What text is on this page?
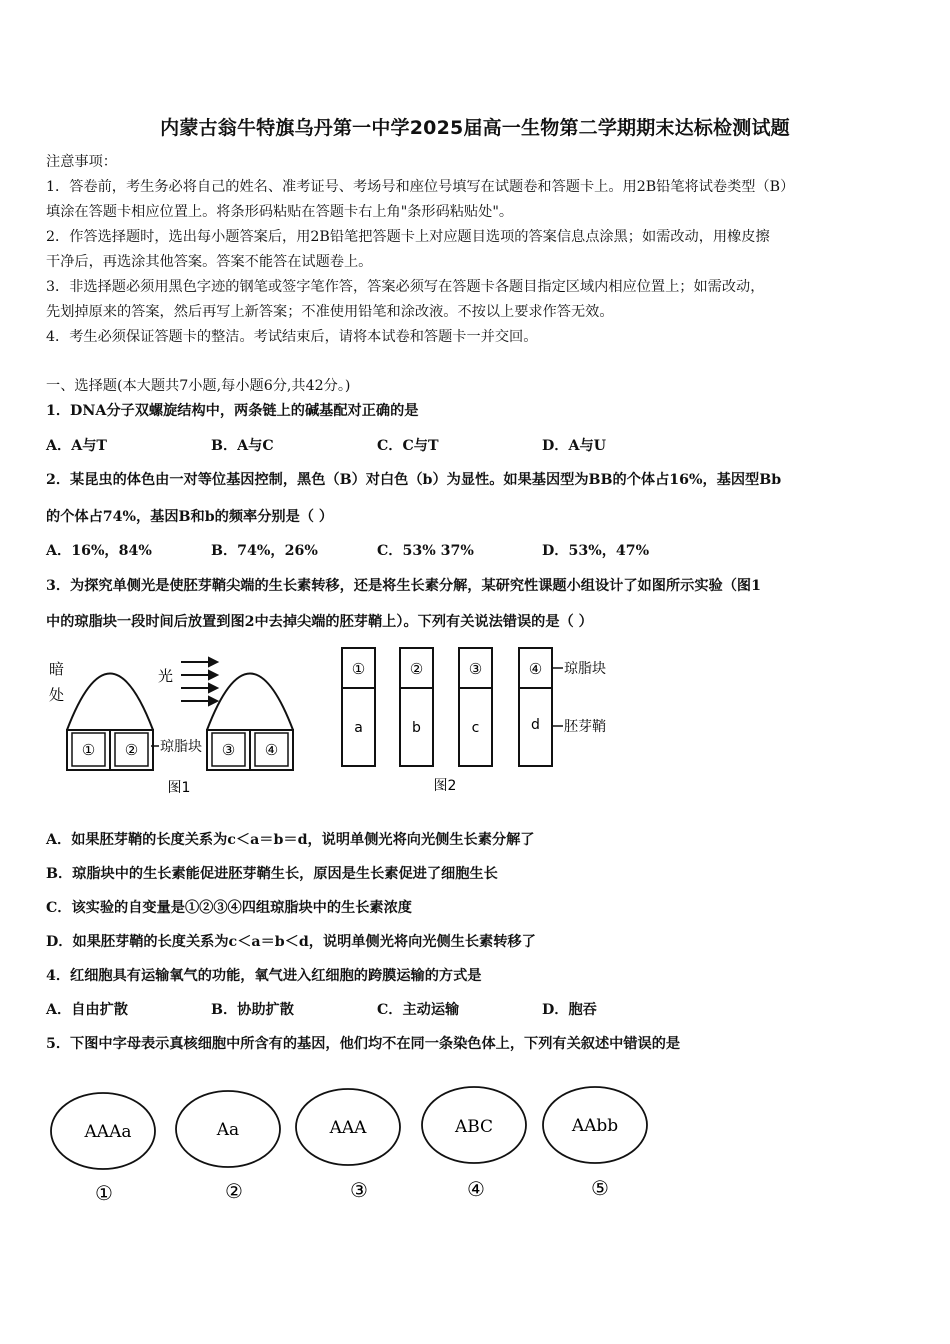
内蒙古翁牛特旗乌丹第一中学2025届高一生物第二学期期末达标检测试题
注意事项：
1．答卷前，考生务必将自己的姓名、准考证号、考场号和座位号填写在试题卷和答题卡上。用2B铅笔将试卷类型（B）
填涂在答题卡相应位置上。将条形码粘贴在答题卡右上角"条形码粘贴处"。
2．作答选择题时，选出每小题答案后，用2B铅笔把答题卡上对应题目选项的答案信息点涂黑；如需改动，用橡皮擦
干净后，再选涂其他答案。答案不能答在试题卷上。
3．非选择题必须用黑色字迹的钢笔或签字笔作答，答案必须写在答题卡各题目指定区域内相应位置上；如需改动，
先划掉原来的答案，然后再写上新答案；不准使用铅笔和涂改液。不按以上要求作答无效。
4．考生必须保证答题卡的整洁。考试结束后，请将本试卷和答题卡一并交回。
一、选择题(本大题共7小题,每小题6分,共42分。)
1．DNA分子双螺旋结构中，两条链上的碱基配对正确的是
A．A与T	B．A与C	C．C与T	D．A与U
2．某昆虫的体色由一对等位基因控制，黑色（B）对白色（b）为显性。如果基因型为BB的个体占16%，基因型Bb
的个体占74%，基因B和b的频率分别是（ ）
A．16%，84%	B．74%，26%	C．53% 37%	D．53%，47%
3．为探究单侧光是使胚芽鞘尖端的生长素转移，还是将生长素分解，某研究性课题小组设计了如图所示实验（图1
中的琼脂块一段时间后放置到图2中去掉尖端的胚芽鞘上）。下列有关说法错误的是（ ）
暗
处
① ②
光
琼脂块 ③ ④
图1
①	②	③	④
a	b	c	d
琼脂块
胚芽鞘
图2
A．如果胚芽鞘的长度关系为c＜a＝b＝d，说明单侧光将向光侧生长素分解了
B．琼脂块中的生长素能促进胚芽鞘生长，原因是生长素促进了细胞生长
C．该实验的自变量是①②③④四组琼脂块中的生长素浓度
D．如果胚芽鞘的长度关系为c＜a＝b＜d，说明单侧光将向光侧生长素转移了
4．红细胞具有运输氧气的功能，氧气进入红细胞的跨膜运输的方式是
A．自由扩散	B．协助扩散	C．主动运输	D．胞吞
5．下图中字母表示真核细胞中所含有的基因，他们均不在同一条染色体上，下列有关叙述中错误的是
AAAa	Aa	AAA	ABC	AAbb
①	②	③	④	⑤
